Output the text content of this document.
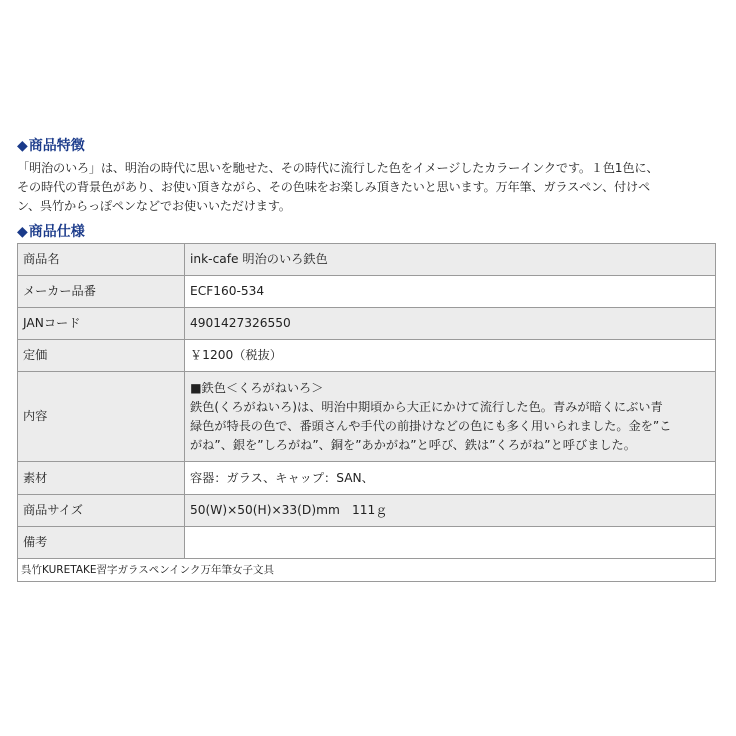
◆商品特徴
「明治のいろ」は、明治の時代に思いを馳せた、その時代に流行した色をイメージしたカラーインクです。１色1色に、
その時代の背景色があり、お使い頂きながら、その色味をお楽しみ頂きたいと思います。万年筆、ガラスペン、付けペ
ン、呉竹からっぽペンなどでお使いいただけます。
◆商品仕様
商品名	ink-cafe 明治のいろ鉄色
メーカー品番	ECF160-534
JANコード	4901427326550
定価	￥1200（税抜）
内容	■鉄色＜くろがねいろ＞
鉄色(くろがねいろ)は、明治中期頃から大正にかけて流行した色。青みが暗くにぶい青
緑色が特長の色で、番頭さんや手代の前掛けなどの色にも多く用いられました。金を”こ
がね”、銀を”しろがね”、銅を”あかがね”と呼び、鉄は”くろがね”と呼びました。

素材	容器：ガラス、キャップ：SAN、
商品サイズ	50(W)×50(H)×33(D)mm　111ｇ
備考	
呉竹KURETAKE習字ガラスペンインク万年筆女子文具
